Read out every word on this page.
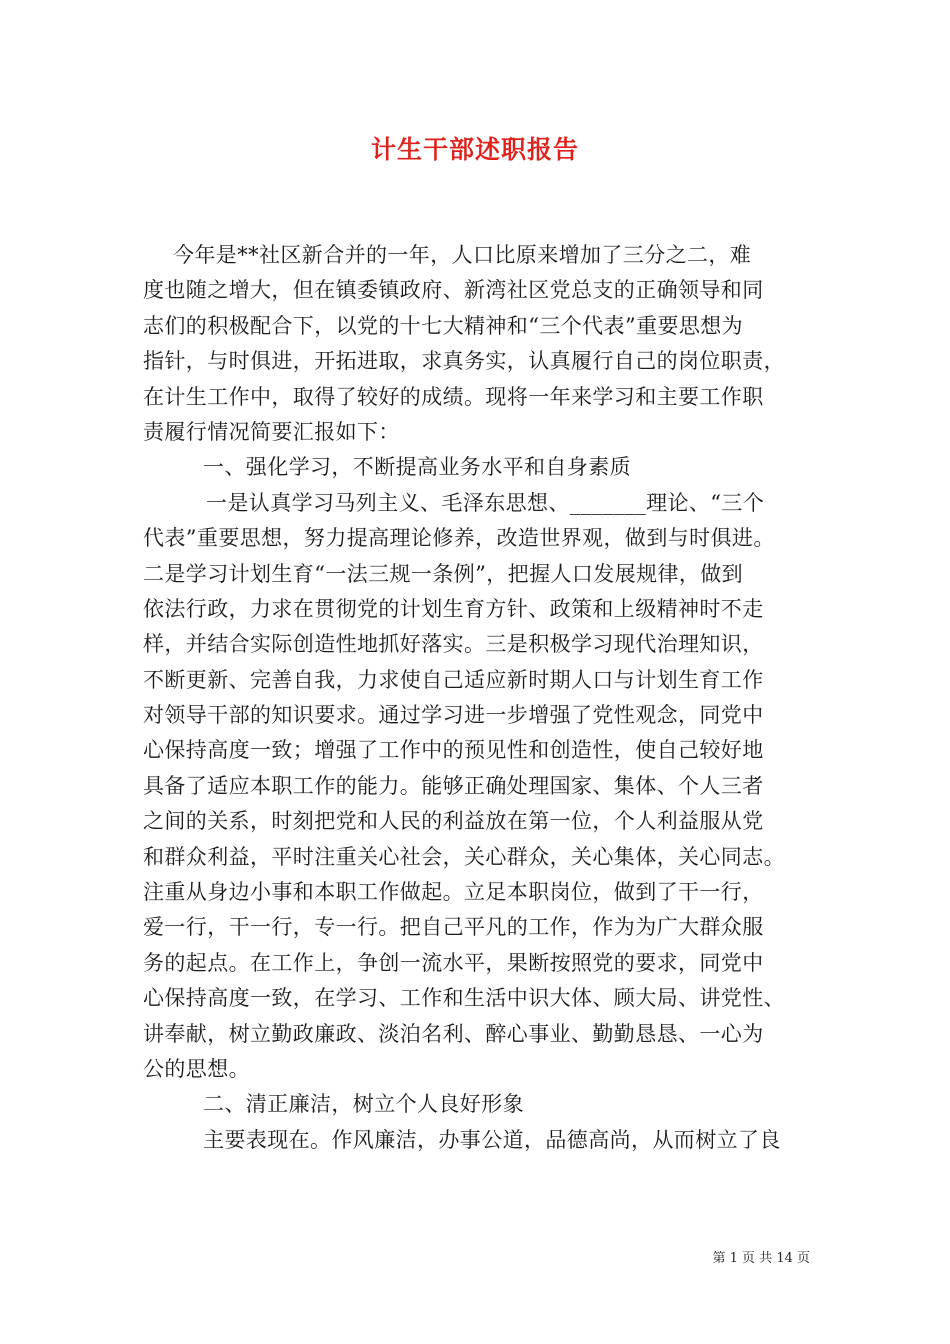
计生干部述职报告
今年是**社区新合并的一年，人口比原来增加了三分之二，难
度也随之增大，但在镇委镇政府、新湾社区党总支的正确领导和同
志们的积极配合下，以党的十七大精神和“三个代表”重要思想为
指针，与时俱进，开拓进取，求真务实，认真履行自己的岗位职责，
在计生工作中，取得了较好的成绩。现将一年来学习和主要工作职
责履行情况简要汇报如下：
一、强化学习，不断提高业务水平和自身素质
一是认真学习马列主义、毛泽东思想、_______理论、“三个
代表”重要思想，努力提高理论修养，改造世界观，做到与时俱进。
二是学习计划生育“一法三规一条例”，把握人口发展规律，做到
依法行政，力求在贯彻党的计划生育方针、政策和上级精神时不走
样，并结合实际创造性地抓好落实。三是积极学习现代治理知识，
不断更新、完善自我，力求使自己适应新时期人口与计划生育工作
对领导干部的知识要求。通过学习进一步增强了党性观念，同党中
心保持高度一致；增强了工作中的预见性和创造性，使自己较好地
具备了适应本职工作的能力。能够正确处理国家、集体、个人三者
之间的关系，时刻把党和人民的利益放在第一位，个人利益服从党
和群众利益，平时注重关心社会，关心群众，关心集体，关心同志。
注重从身边小事和本职工作做起。立足本职岗位，做到了干一行，
爱一行，干一行，专一行。把自己平凡的工作，作为为广大群众服
务的起点。在工作上，争创一流水平，果断按照党的要求，同党中
心保持高度一致，在学习、工作和生活中识大体、顾大局、讲党性、
讲奉献，树立勤政廉政、淡泊名利、醉心事业、勤勤恳恳、一心为
公的思想。
二、清正廉洁，树立个人良好形象
主要表现在。作风廉洁，办事公道，品德高尚，从而树立了良
第 1 页 共 14 页
